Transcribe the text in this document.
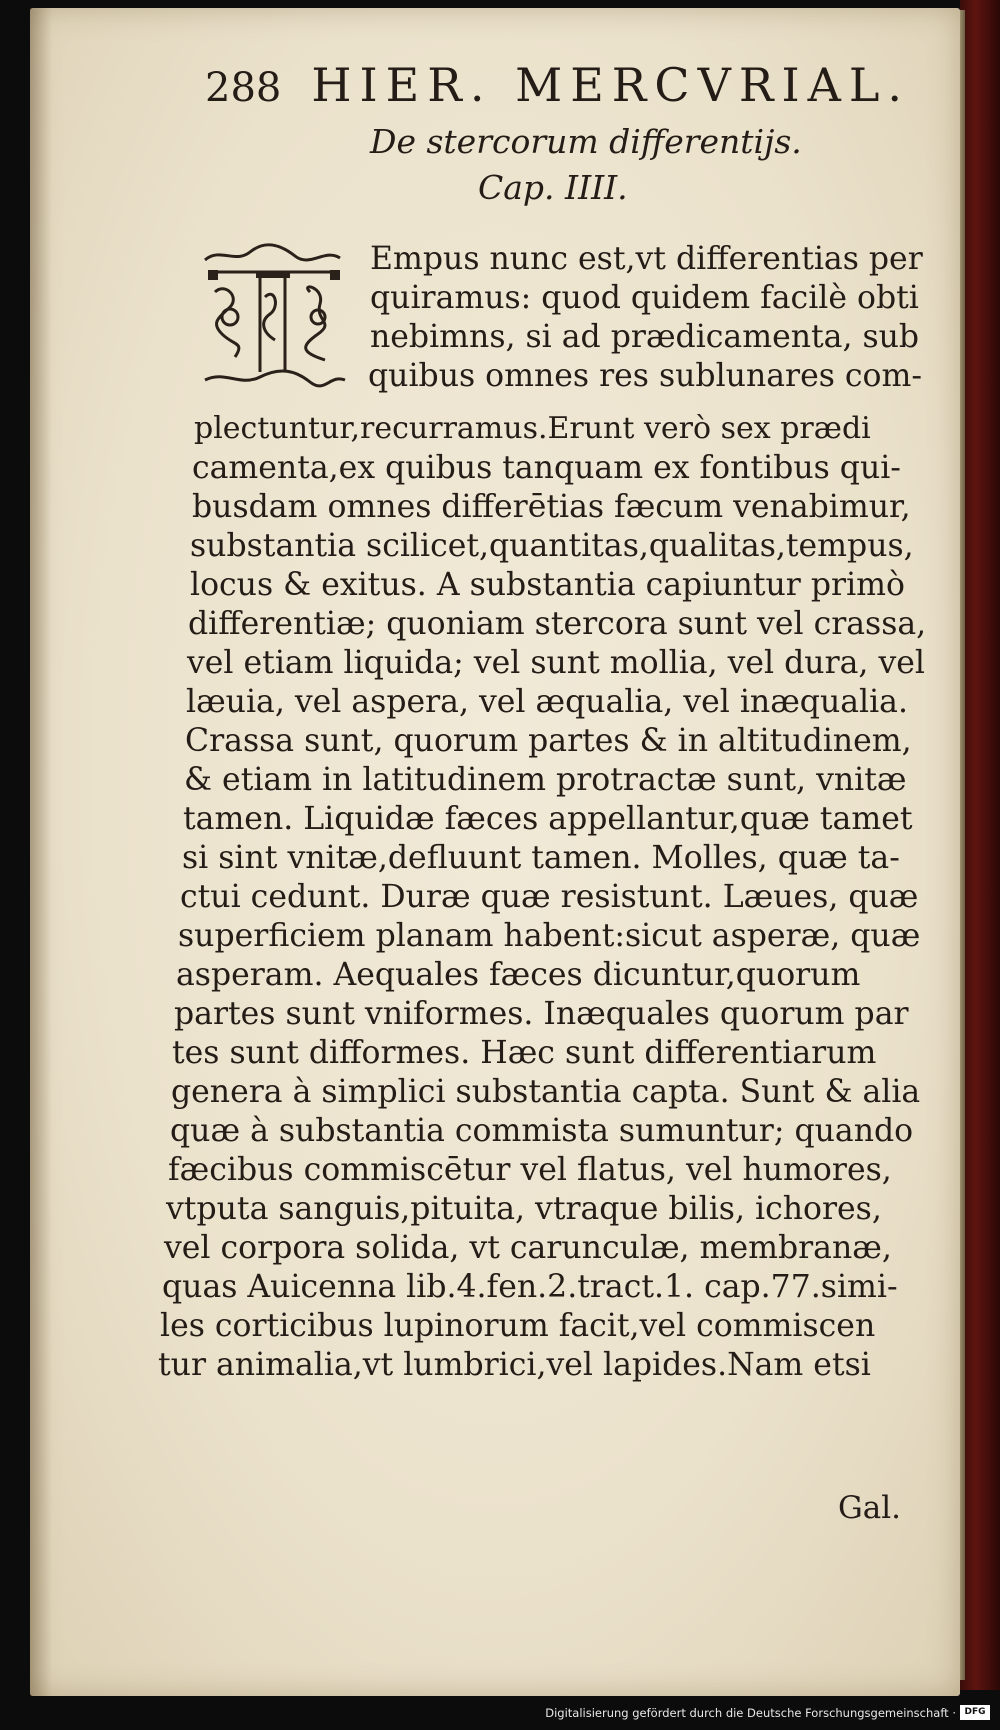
288 HIER. MERCVRIAL.
De stercorum differentijs.
Cap. IIII.
Empus nunc est,vt differentias per
quiramus: quod quidem facilè obti
nebimns, si ad prædicamenta, sub
quibus omnes res sublunares com-
plectuntur,recurramus.Erunt verò sex prædi
camenta,ex quibus tanquam ex fontibus qui-
busdam omnes differētias fæcum venabimur,
substantia scilicet,quantitas,qualitas,tempus,
locus & exitus. A substantia capiuntur primò
differentiæ; quoniam stercora sunt vel crassa,
vel etiam liquida; vel sunt mollia, vel dura, vel
læuia, vel aspera, vel æqualia, vel inæqualia.
Crassa sunt, quorum partes & in altitudinem,
& etiam in latitudinem protractæ sunt, vnitæ
tamen. Liquidæ fæces appellantur,quæ tamet
si sint vnitæ,defluunt tamen. Molles, quæ ta-
ctui cedunt. Duræ quæ resistunt. Læues, quæ
superficiem planam habent:sicut asperæ, quæ
asperam. Aequales fæces dicuntur,quorum
partes sunt vniformes. Inæquales quorum par
tes sunt difformes. Hæc sunt differentiarum
genera à simplici substantia capta. Sunt & alia
quæ à substantia commista sumuntur; quando
fæcibus commiscētur vel flatus, vel humores,
vtputa sanguis,pituita, vtraque bilis, ichores,
vel corpora solida, vt carunculæ, membranæ,
quas Auicenna lib.4.fen.2.tract.1. cap.77.simi-
les corticibus lupinorum facit,vel commiscen
tur animalia,vt lumbrici,vel lapides.Nam etsi
Gal.
Digitalisierung gefördert durch die Deutsche Forschungsgemeinschaft · DFG
